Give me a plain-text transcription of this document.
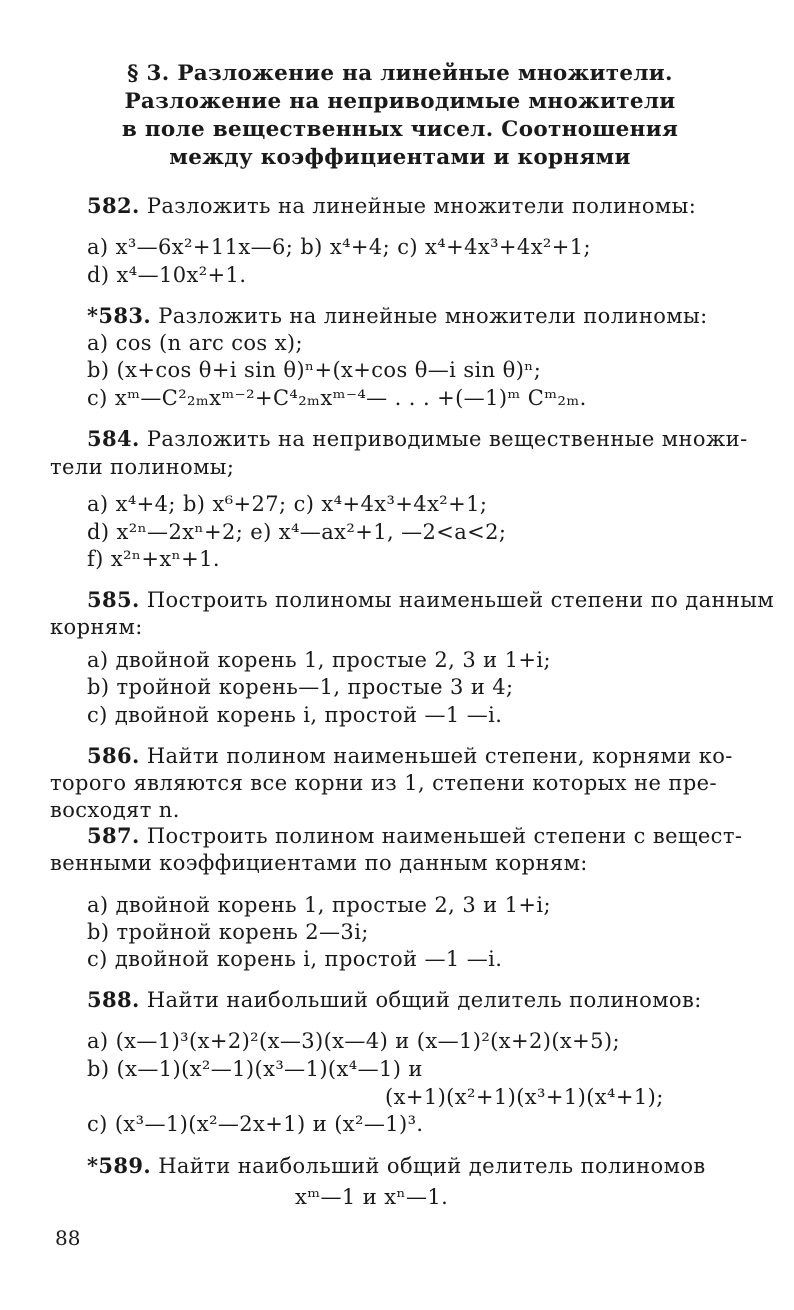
§ 3. Разложение на линейные множители.
Разложение на неприводимые множители
в поле вещественных чисел. Соотношения
между коэффициентами и корнями
582. Разложить на линейные множители полиномы:
a) x³—6x²+11x—6; b) x⁴+4; c) x⁴+4x³+4x²+1;
d) x⁴—10x²+1.
*583. Разложить на линейные множители полиномы:
a) cos (n arc cos x);
b) (x+cos θ+i sin θ)ⁿ+(x+cos θ—i sin θ)ⁿ;
c) xᵐ—C²₂ₘxᵐ⁻²+C⁴₂ₘxᵐ⁻⁴— . . . +(—1)ᵐ Cᵐ₂ₘ.
584. Разложить на неприводимые вещественные множи-
тели полиномы;
a) x⁴+4; b) x⁶+27; c) x⁴+4x³+4x²+1;
d) x²ⁿ—2xⁿ+2; e) x⁴—ax²+1, —2<a<2;
f) x²ⁿ+xⁿ+1.
585. Построить полиномы наименьшей степени по данным
корням:
a) двойной корень 1, простые 2, 3 и 1+i;
b) тройной корень—1, простые 3 и 4;
c) двойной корень i, простой —1 —i.
586. Найти полином наименьшей степени, корнями ко-
торого являются все корни из 1, степени которых не пре-
восходят n.
587. Построить полином наименьшей степени с вещест-
венными коэффициентами по данным корням:
a) двойной корень 1, простые 2, 3 и 1+i;
b) тройной корень 2—3i;
c) двойной корень i, простой —1 —i.
588. Найти наибольший общий делитель полиномов:
a) (x—1)³(x+2)²(x—3)(x—4) и (x—1)²(x+2)(x+5);
b) (x—1)(x²—1)(x³—1)(x⁴—1) и
(x+1)(x²+1)(x³+1)(x⁴+1);
c) (x³—1)(x²—2x+1) и (x²—1)³.
*589. Найти наибольший общий делитель полиномов
xᵐ—1 и xⁿ—1.
88
